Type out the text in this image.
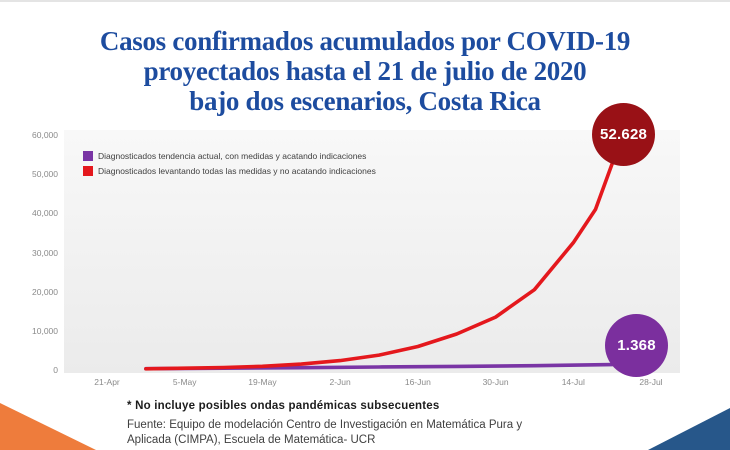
Casos confirmados acumulados por COVID-19
proyectados hasta el 21 de julio de 2020
bajo dos escenarios, Costa Rica
0
10,000
20,000
30,000
40,000
50,000
60,000
21-Apr	5-May	19-May	2-Jun	16-Jun	30-Jun	14-Jul	28-Jul
Diagnosticados tendencia actual, con medidas y acatando indicaciones
Diagnosticados levantando todas las medidas y no acatando indicaciones
52.628
1.368
* No incluye posibles ondas pandémicas subsecuentes
Fuente: Equipo de modelación Centro de Investigación en Matemática Pura y
Aplicada (CIMPA), Escuela de Matemática- UCR
